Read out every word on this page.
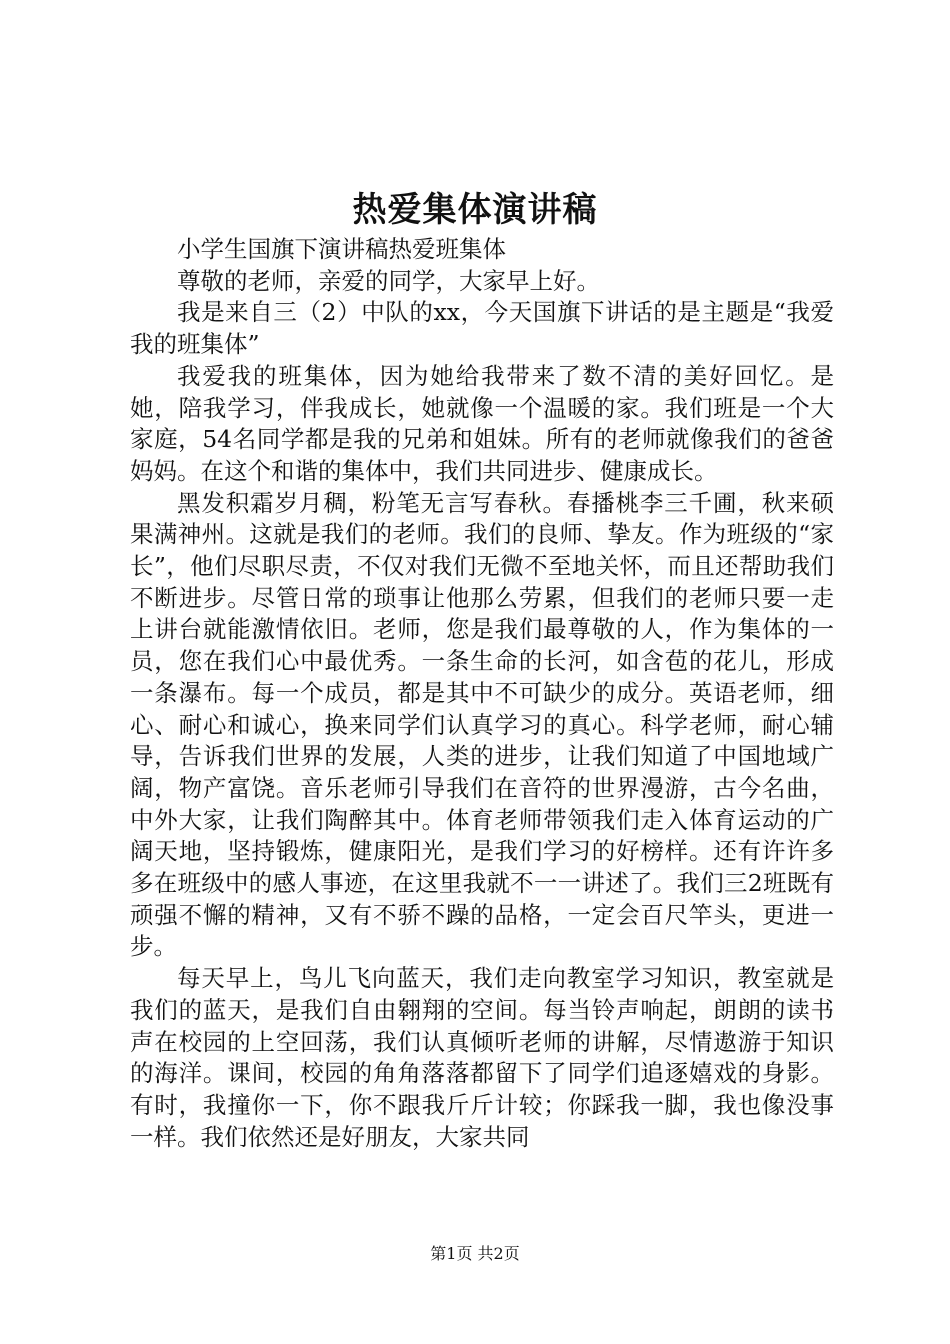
热爱集体演讲稿

小学生国旗下演讲稿热爱班集体

尊敬的老师，亲爱的同学，大家早上好。

我是来自三（2）中队的xx，今天国旗下讲话的是主题是“我爱我的班集体”

我爱我的班集体，因为她给我带来了数不清的美好回忆。是她，陪我学习，伴我成长，她就像一个温暖的家。我们班是一个大家庭，54名同学都是我的兄弟和姐妹。所有的老师就像我们的爸爸妈妈。在这个和谐的集体中，我们共同进步、健康成长。

黑发积霜岁月稠，粉笔无言写春秋。春播桃李三千圃，秋来硕果满神州。这就是我们的老师。我们的良师、挚友。作为班级的“家长”，他们尽职尽责，不仅对我们无微不至地关怀，而且还帮助我们不断进步。尽管日常的琐事让他那么劳累，但我们的老师只要一走上讲台就能激情依旧。老师，您是我们最尊敬的人，作为集体的一员，您在我们心中最优秀。一条生命的长河，如含苞的花儿，形成一条瀑布。每一个成员，都是其中不可缺少的成分。英语老师，细心、耐心和诚心，换来同学们认真学习的真心。科学老师，耐心辅导，告诉我们世界的发展，人类的进步，让我们知道了中国地域广阔，物产富饶。音乐老师引导我们在音符的世界漫游，古今名曲，中外大家，让我们陶醉其中。体育老师带领我们走入体育运动的广阔天地，坚持锻炼，健康阳光，是我们学习的好榜样。还有许许多多在班级中的感人事迹，在这里我就不一一讲述了。我们三2班既有顽强不懈的精神，又有不骄不躁的品格，一定会百尺竿头，更进一步。

每天早上，鸟儿飞向蓝天，我们走向教室学习知识，教室就是我们的蓝天，是我们自由翱翔的空间。每当铃声响起，朗朗的读书声在校园的上空回荡，我们认真倾听老师的讲解，尽情遨游于知识的海洋。课间，校园的角角落落都留下了同学们追逐嬉戏的身影。有时，我撞你一下，你不跟我斤斤计较；你踩我一脚，我也像没事一样。我们依然还是好朋友，大家共同

第1页 共2页
